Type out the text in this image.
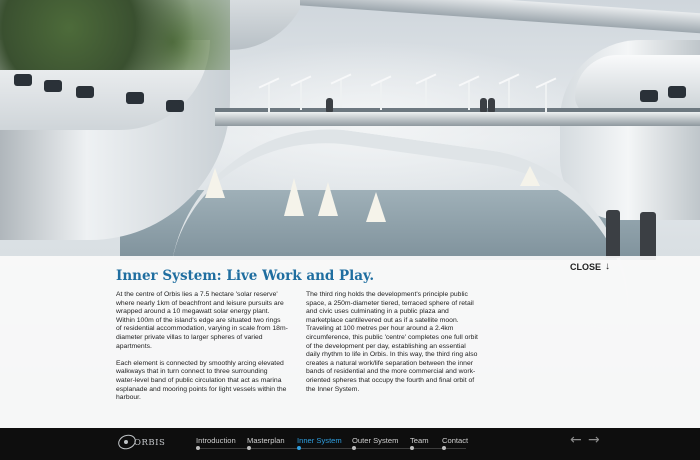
Inner System: Live Work and Play.
CLOSE ↓

At the centre of Orbis lies a 7.5 hectare 'solar reserve' where nearly 1km of beachfront and leisure pursuits are wrapped around a 10 megawatt solar energy plant. Within 100m of the island's edge are situated two rings of residential accommodation, varying in scale from 18m-diameter private villas to larger spheres of varied apartments.

Each element is connected by smoothly arcing elevated walkways that in turn connect to three surrounding water-level band of public circulation that act as marina esplanade and mooring points for light vessels within the harbour.

The third ring holds the development's principle public space, a 250m-diameter tiered, terraced sphere of retail and civic uses culminating in a public plaza and marketplace cantilevered out as if a satellite moon. Traveling at 100 metres per hour around a 2.4km circumference, this public 'centre' completes one full orbit of the development per day, establishing an essential daily rhythm to life in Orbis. In this way, the third ring also creates a natural work/life separation between the inner bands of residential and the more commercial and work-oriented spheres that occupy the fourth and final orbit of the Inner System.

ORBIS	Introduction Masterplan Inner System Outer System Team Contact	← →
